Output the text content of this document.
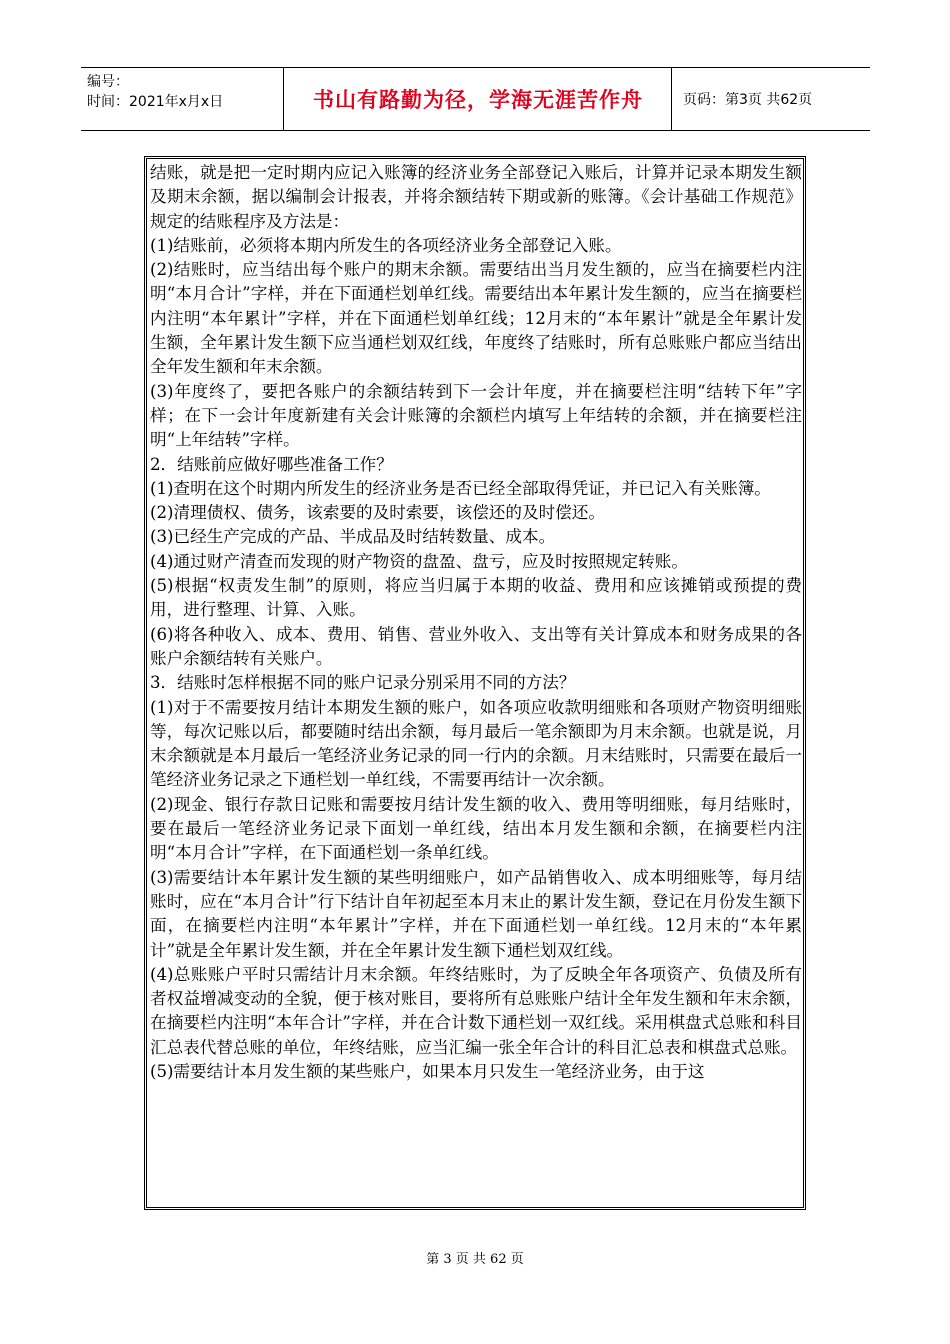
编号：
时间：2021年x月x日	书山有路勤为径，学海无涯苦作舟	页码：第3页 共62页

结账，就是把一定时期内应记入账簿的经济业务全部登记入账后，计算并记录本期发生额及期末余额，据以编制会计报表，并将余额结转下期或新的账簿。《会计基础工作规范》规定的结账程序及方法是：

(1)结账前，必须将本期内所发生的各项经济业务全部登记入账。

(2)结账时，应当结出每个账户的期末余额。需要结出当月发生额的，应当在摘要栏内注明“本月合计”字样，并在下面通栏划单红线。需要结出本年累计发生额的，应当在摘要栏内注明“本年累计”字样，并在下面通栏划单红线；12月末的“本年累计”就是全年累计发生额，全年累计发生额下应当通栏划双红线，年度终了结账时，所有总账账户都应当结出全年发生额和年末余额。

(3)年度终了，要把各账户的余额结转到下一会计年度，并在摘要栏注明“结转下年”字样；在下一会计年度新建有关会计账簿的余额栏内填写上年结转的余额，并在摘要栏注明“上年结转”字样。

2．结账前应做好哪些准备工作？

(1)查明在这个时期内所发生的经济业务是否已经全部取得凭证，并已记入有关账簿。

(2)清理债权、债务，该索要的及时索要，该偿还的及时偿还。

(3)已经生产完成的产品、半成品及时结转数量、成本。

(4)通过财产清查而发现的财产物资的盘盈、盘亏，应及时按照规定转账。

(5)根据“权责发生制”的原则，将应当归属于本期的收益、费用和应该摊销或预提的费用，进行整理、计算、入账。

(6)将各种收入、成本、费用、销售、营业外收入、支出等有关计算成本和财务成果的各账户余额结转有关账户。

3．结账时怎样根据不同的账户记录分别采用不同的方法？

(1)对于不需要按月结计本期发生额的账户，如各项应收款明细账和各项财产物资明细账等，每次记账以后，都要随时结出余额，每月最后一笔余额即为月末余额。也就是说，月末余额就是本月最后一笔经济业务记录的同一行内的余额。月末结账时，只需要在最后一笔经济业务记录之下通栏划一单红线，不需要再结计一次余额。

(2)现金、银行存款日记账和需要按月结计发生额的收入、费用等明细账，每月结账时，要在最后一笔经济业务记录下面划一单红线，结出本月发生额和余额，在摘要栏内注明“本月合计”字样，在下面通栏划一条单红线。

(3)需要结计本年累计发生额的某些明细账户，如产品销售收入、成本明细账等，每月结账时，应在“本月合计”行下结计自年初起至本月末止的累计发生额，登记在月份发生额下面，在摘要栏内注明“本年累计”字样，并在下面通栏划一单红线。12月末的“本年累计”就是全年累计发生额，并在全年累计发生额下通栏划双红线。

(4)总账账户平时只需结计月末余额。年终结账时，为了反映全年各项资产、负债及所有者权益增减变动的全貌，便于核对账目，要将所有总账账户结计全年发生额和年末余额，在摘要栏内注明“本年合计”字样，并在合计数下通栏划一双红线。采用棋盘式总账和科目汇总表代替总账的单位，年终结账，应当汇编一张全年合计的科目汇总表和棋盘式总账。

(5)需要结计本月发生额的某些账户，如果本月只发生一笔经济业务，由于这

第 3 页 共 62 页
